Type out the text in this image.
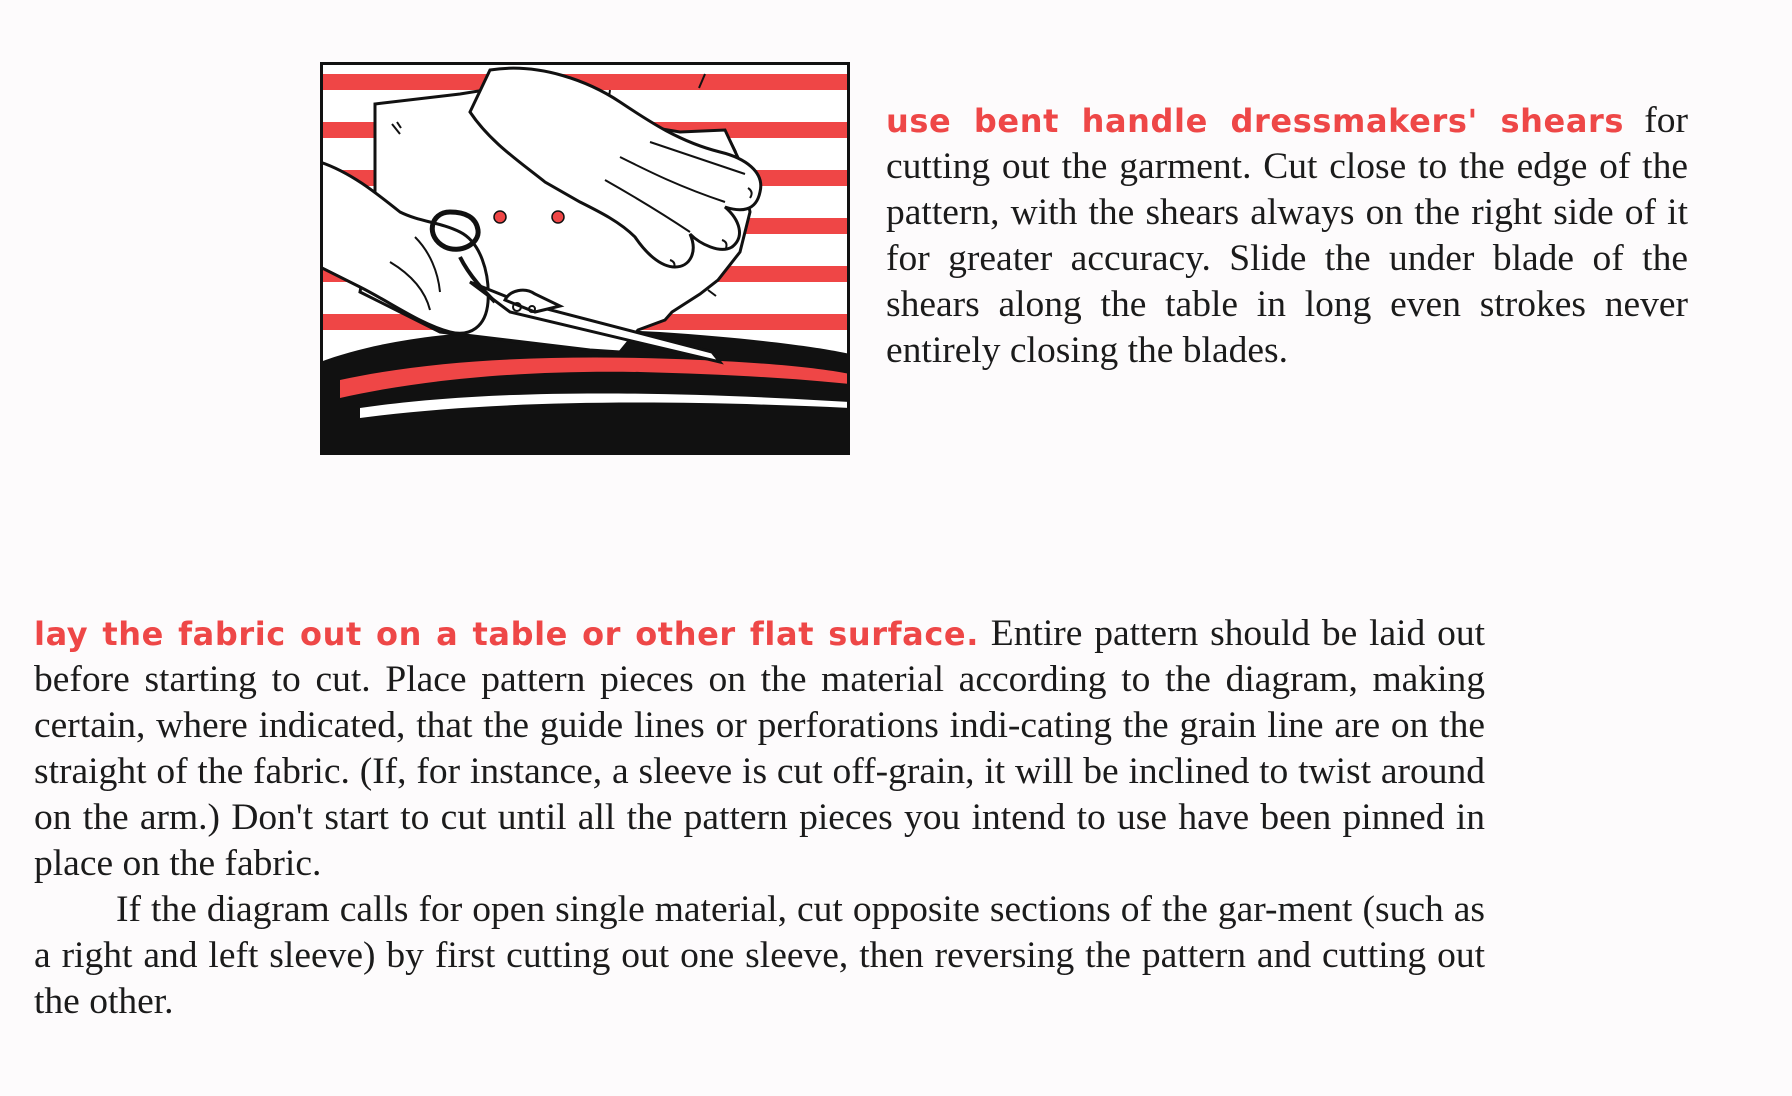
use bent handle dressmakers' shears for cutting out the garment. Cut close to the edge of the pattern, with the shears always on the right side of it for greater accuracy. Slide the under blade of the shears along the table in long even strokes never entirely closing the blades.

lay the fabric out on a table or other flat surface. Entire pattern should be laid out before starting to cut. Place pattern pieces on the material according to the diagram, making certain, where indicated, that the guide lines or perforations indi-cating the grain line are on the straight of the fabric. (If, for instance, a sleeve is cut off-grain, it will be inclined to twist around on the arm.) Don't start to cut until all the pattern pieces you intend to use have been pinned in place on the fabric.
If the diagram calls for open single material, cut opposite sections of the gar-ment (such as a right and left sleeve) by first cutting out one sleeve, then reversing the pattern and cutting out the other.
